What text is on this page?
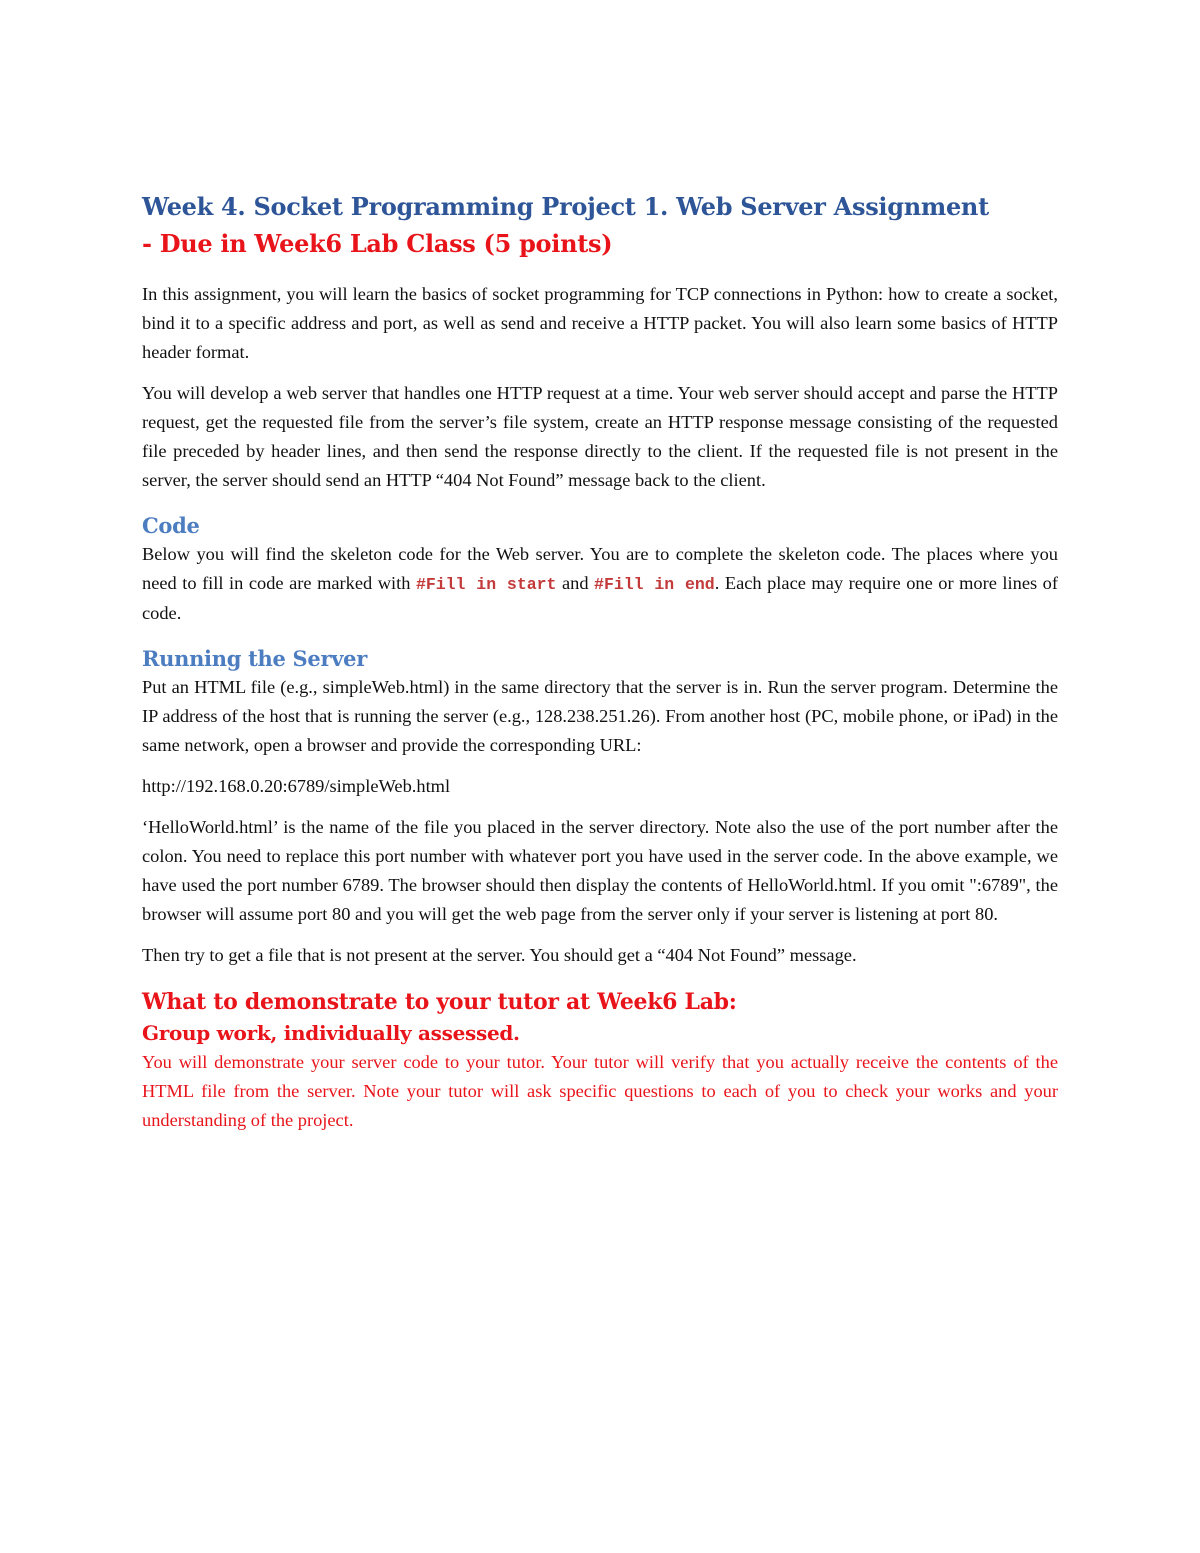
Week 4. Socket Programming Project 1. Web Server Assignment
- Due in Week6 Lab Class (5 points)

In this assignment, you will learn the basics of socket programming for TCP connections in Python: how to create a socket, bind it to a specific address and port, as well as send and receive a HTTP packet. You will also learn some basics of HTTP header format.

You will develop a web server that handles one HTTP request at a time. Your web server should accept and parse the HTTP request, get the requested file from the server’s file system, create an HTTP response message consisting of the requested file preceded by header lines, and then send the response directly to the client. If the requested file is not present in the server, the server should send an HTTP “404 Not Found” message back to the client.

Code

Below you will find the skeleton code for the Web server. You are to complete the skeleton code. The places where you need to fill in code are marked with #Fill in start and #Fill in end. Each place may require one or more lines of code.

Running the Server

Put an HTML file (e.g., simpleWeb.html) in the same directory that the server is in. Run the server program. Determine the IP address of the host that is running the server (e.g., 128.238.251.26). From another host (PC, mobile phone, or iPad) in the same network, open a browser and provide the corresponding URL:

http://192.168.0.20:6789/simpleWeb.html

‘HelloWorld.html’ is the name of the file you placed in the server directory. Note also the use of the port number after the colon. You need to replace this port number with whatever port you have used in the server code. In the above example, we have used the port number 6789. The browser should then display the contents of HelloWorld.html. If you omit ":6789", the browser will assume port 80 and you will get the web page from the server only if your server is listening at port 80.

Then try to get a file that is not present at the server. You should get a “404 Not Found” message.

What to demonstrate to your tutor at Week6 Lab:
Group work, individually assessed.

You will demonstrate your server code to your tutor. Your tutor will verify that you actually receive the contents of the HTML file from the server. Note your tutor will ask specific questions to each of you to check your works and your understanding of the project.
